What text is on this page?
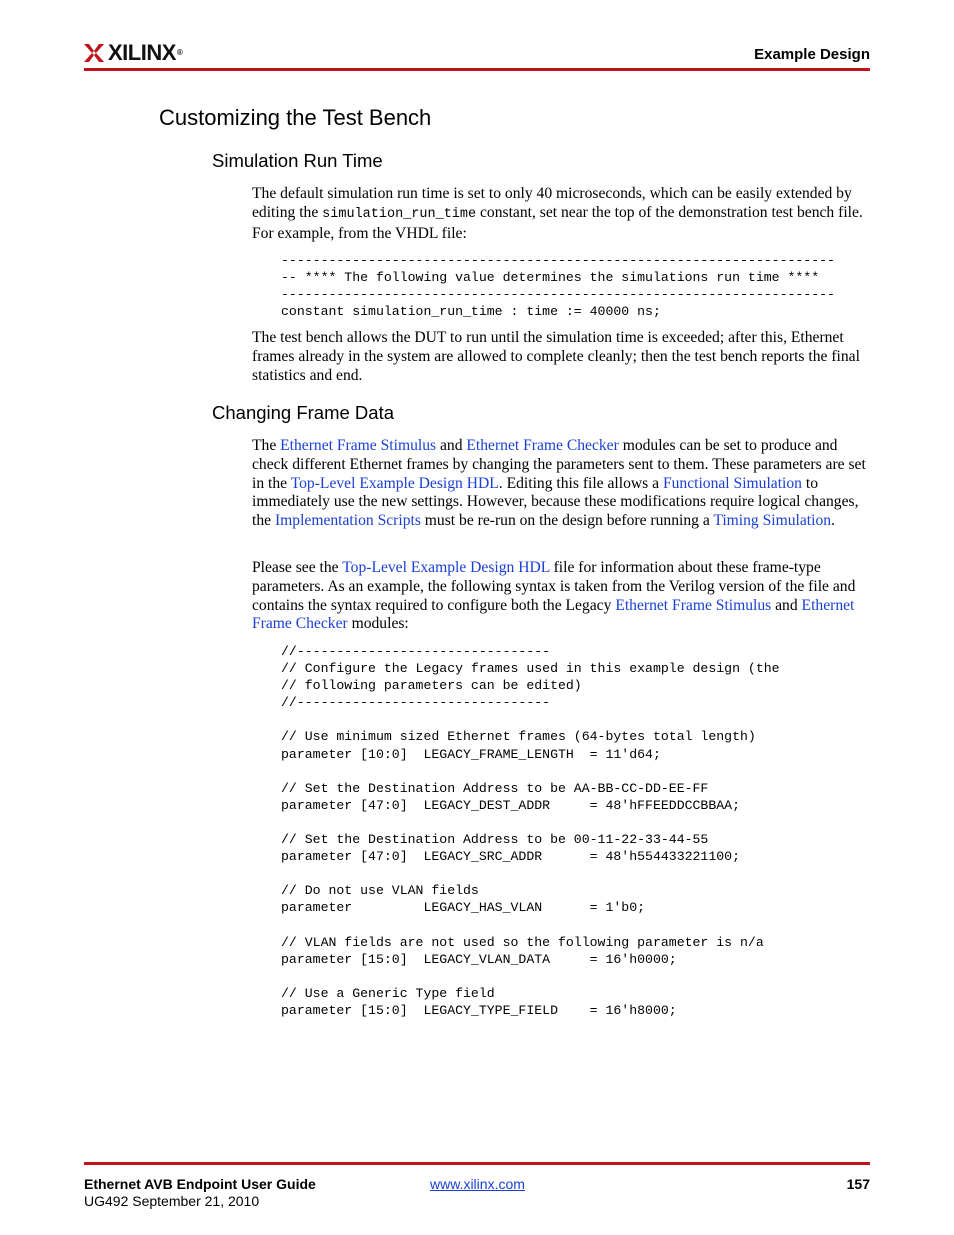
XILINX®	Example Design
Customizing the Test Bench
Simulation Run Time

The default simulation run time is set to only 40 microseconds, which can be easily extended by editing the simulation_run_time constant, set near the top of the demonstration test bench file. For example, from the VHDL file:

----------------------------------------------------------------------
-- **** The following value determines the simulations run time ****
----------------------------------------------------------------------
constant simulation_run_time : time := 40000 ns;

The test bench allows the DUT to run until the simulation time is exceeded; after this, Ethernet frames already in the system are allowed to complete cleanly; then the test bench reports the final statistics and end.

Changing Frame Data

The Ethernet Frame Stimulus and Ethernet Frame Checker modules can be set to produce and check different Ethernet frames by changing the parameters sent to them. These parameters are set in the Top-Level Example Design HDL. Editing this file allows a Functional Simulation to immediately use the new settings. However, because these modifications require logical changes, the Implementation Scripts must be re-run on the design before running a Timing Simulation.

Please see the Top-Level Example Design HDL file for information about these frame-type parameters. As an example, the following syntax is taken from the Verilog version of the file and contains the syntax required to configure both the Legacy Ethernet Frame Stimulus and Ethernet Frame Checker modules:

//--------------------------------
// Configure the Legacy frames used in this example design (the
// following parameters can be edited)
//--------------------------------
// Use minimum sized Ethernet frames (64-bytes total length)
parameter [10:0]  LEGACY_FRAME_LENGTH  = 11'd64;
// Set the Destination Address to be AA-BB-CC-DD-EE-FF
parameter [47:0]  LEGACY_DEST_ADDR     = 48'hFFEEDDCCBBAA;
// Set the Destination Address to be 00-11-22-33-44-55
parameter [47:0]  LEGACY_SRC_ADDR      = 48'h554433221100;
// Do not use VLAN fields
parameter         LEGACY_HAS_VLAN      = 1'b0;
// VLAN fields are not used so the following parameter is n/a
parameter [15:0]  LEGACY_VLAN_DATA     = 16'h0000;
// Use a Generic Type field
parameter [15:0]  LEGACY_TYPE_FIELD    = 16'h8000;
Ethernet AVB Endpoint User Guide
UG492 September 21, 2010
www.xilinx.com	157
